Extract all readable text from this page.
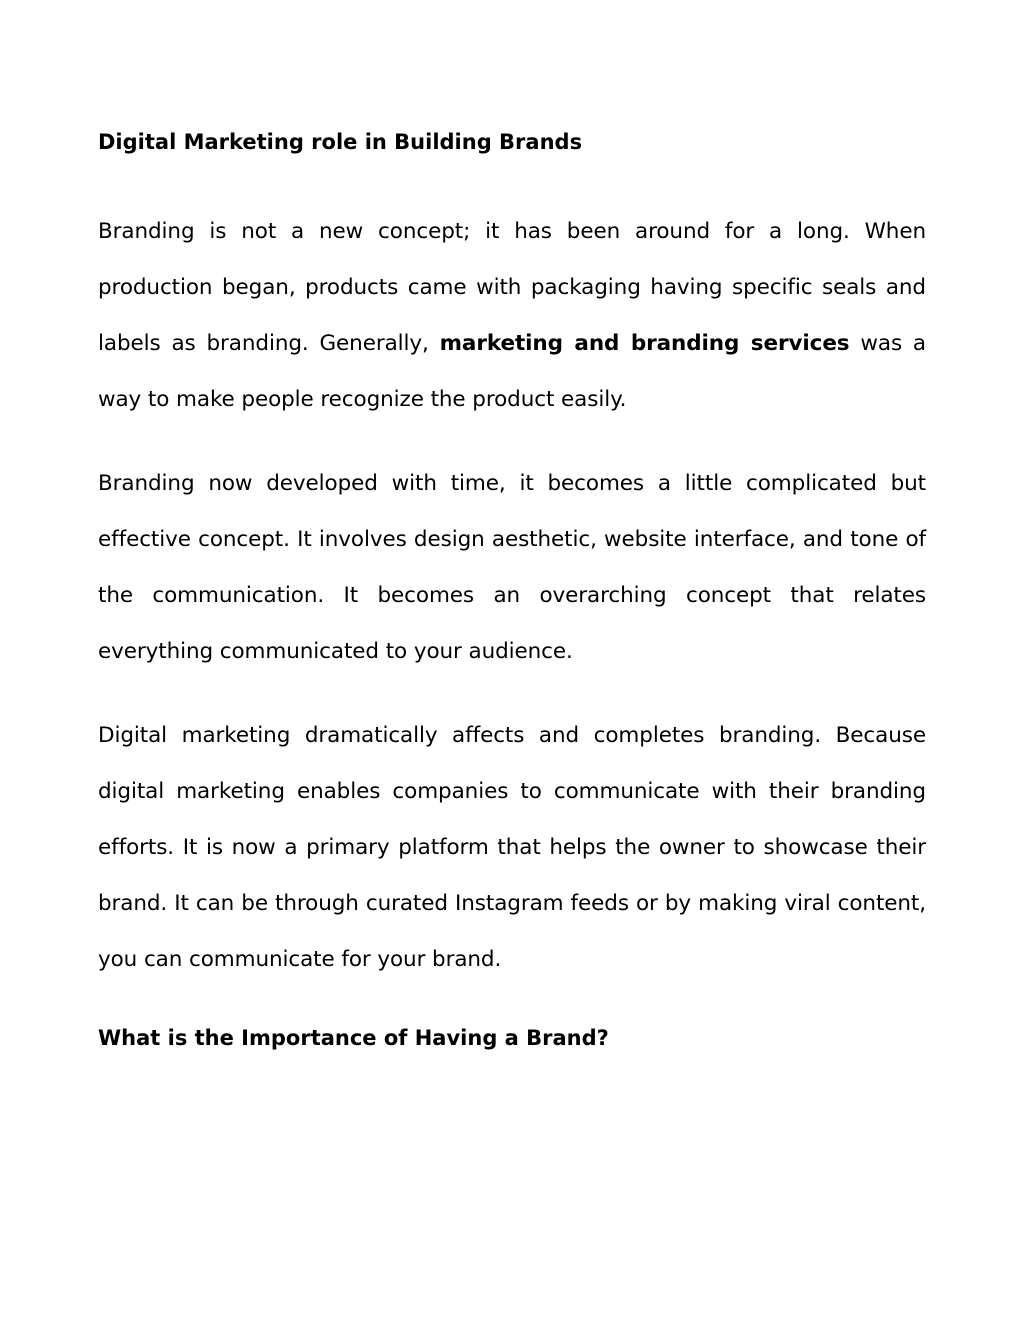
Digital Marketing role in Building Brands

Branding is not a new concept; it has been around for a long. When production began, products came with packaging having specific seals and labels as branding. Generally, marketing and branding services was a way to make people recognize the product easily.

Branding now developed with time, it becomes a little complicated but effective concept. It involves design aesthetic, website interface, and tone of the communication. It becomes an overarching concept that relates everything communicated to your audience.

Digital marketing dramatically affects and completes branding. Because digital marketing enables companies to communicate with their branding efforts. It is now a primary platform that helps the owner to showcase their brand. It can be through curated Instagram feeds or by making viral content, you can communicate for your brand.

What is the Importance of Having a Brand?
